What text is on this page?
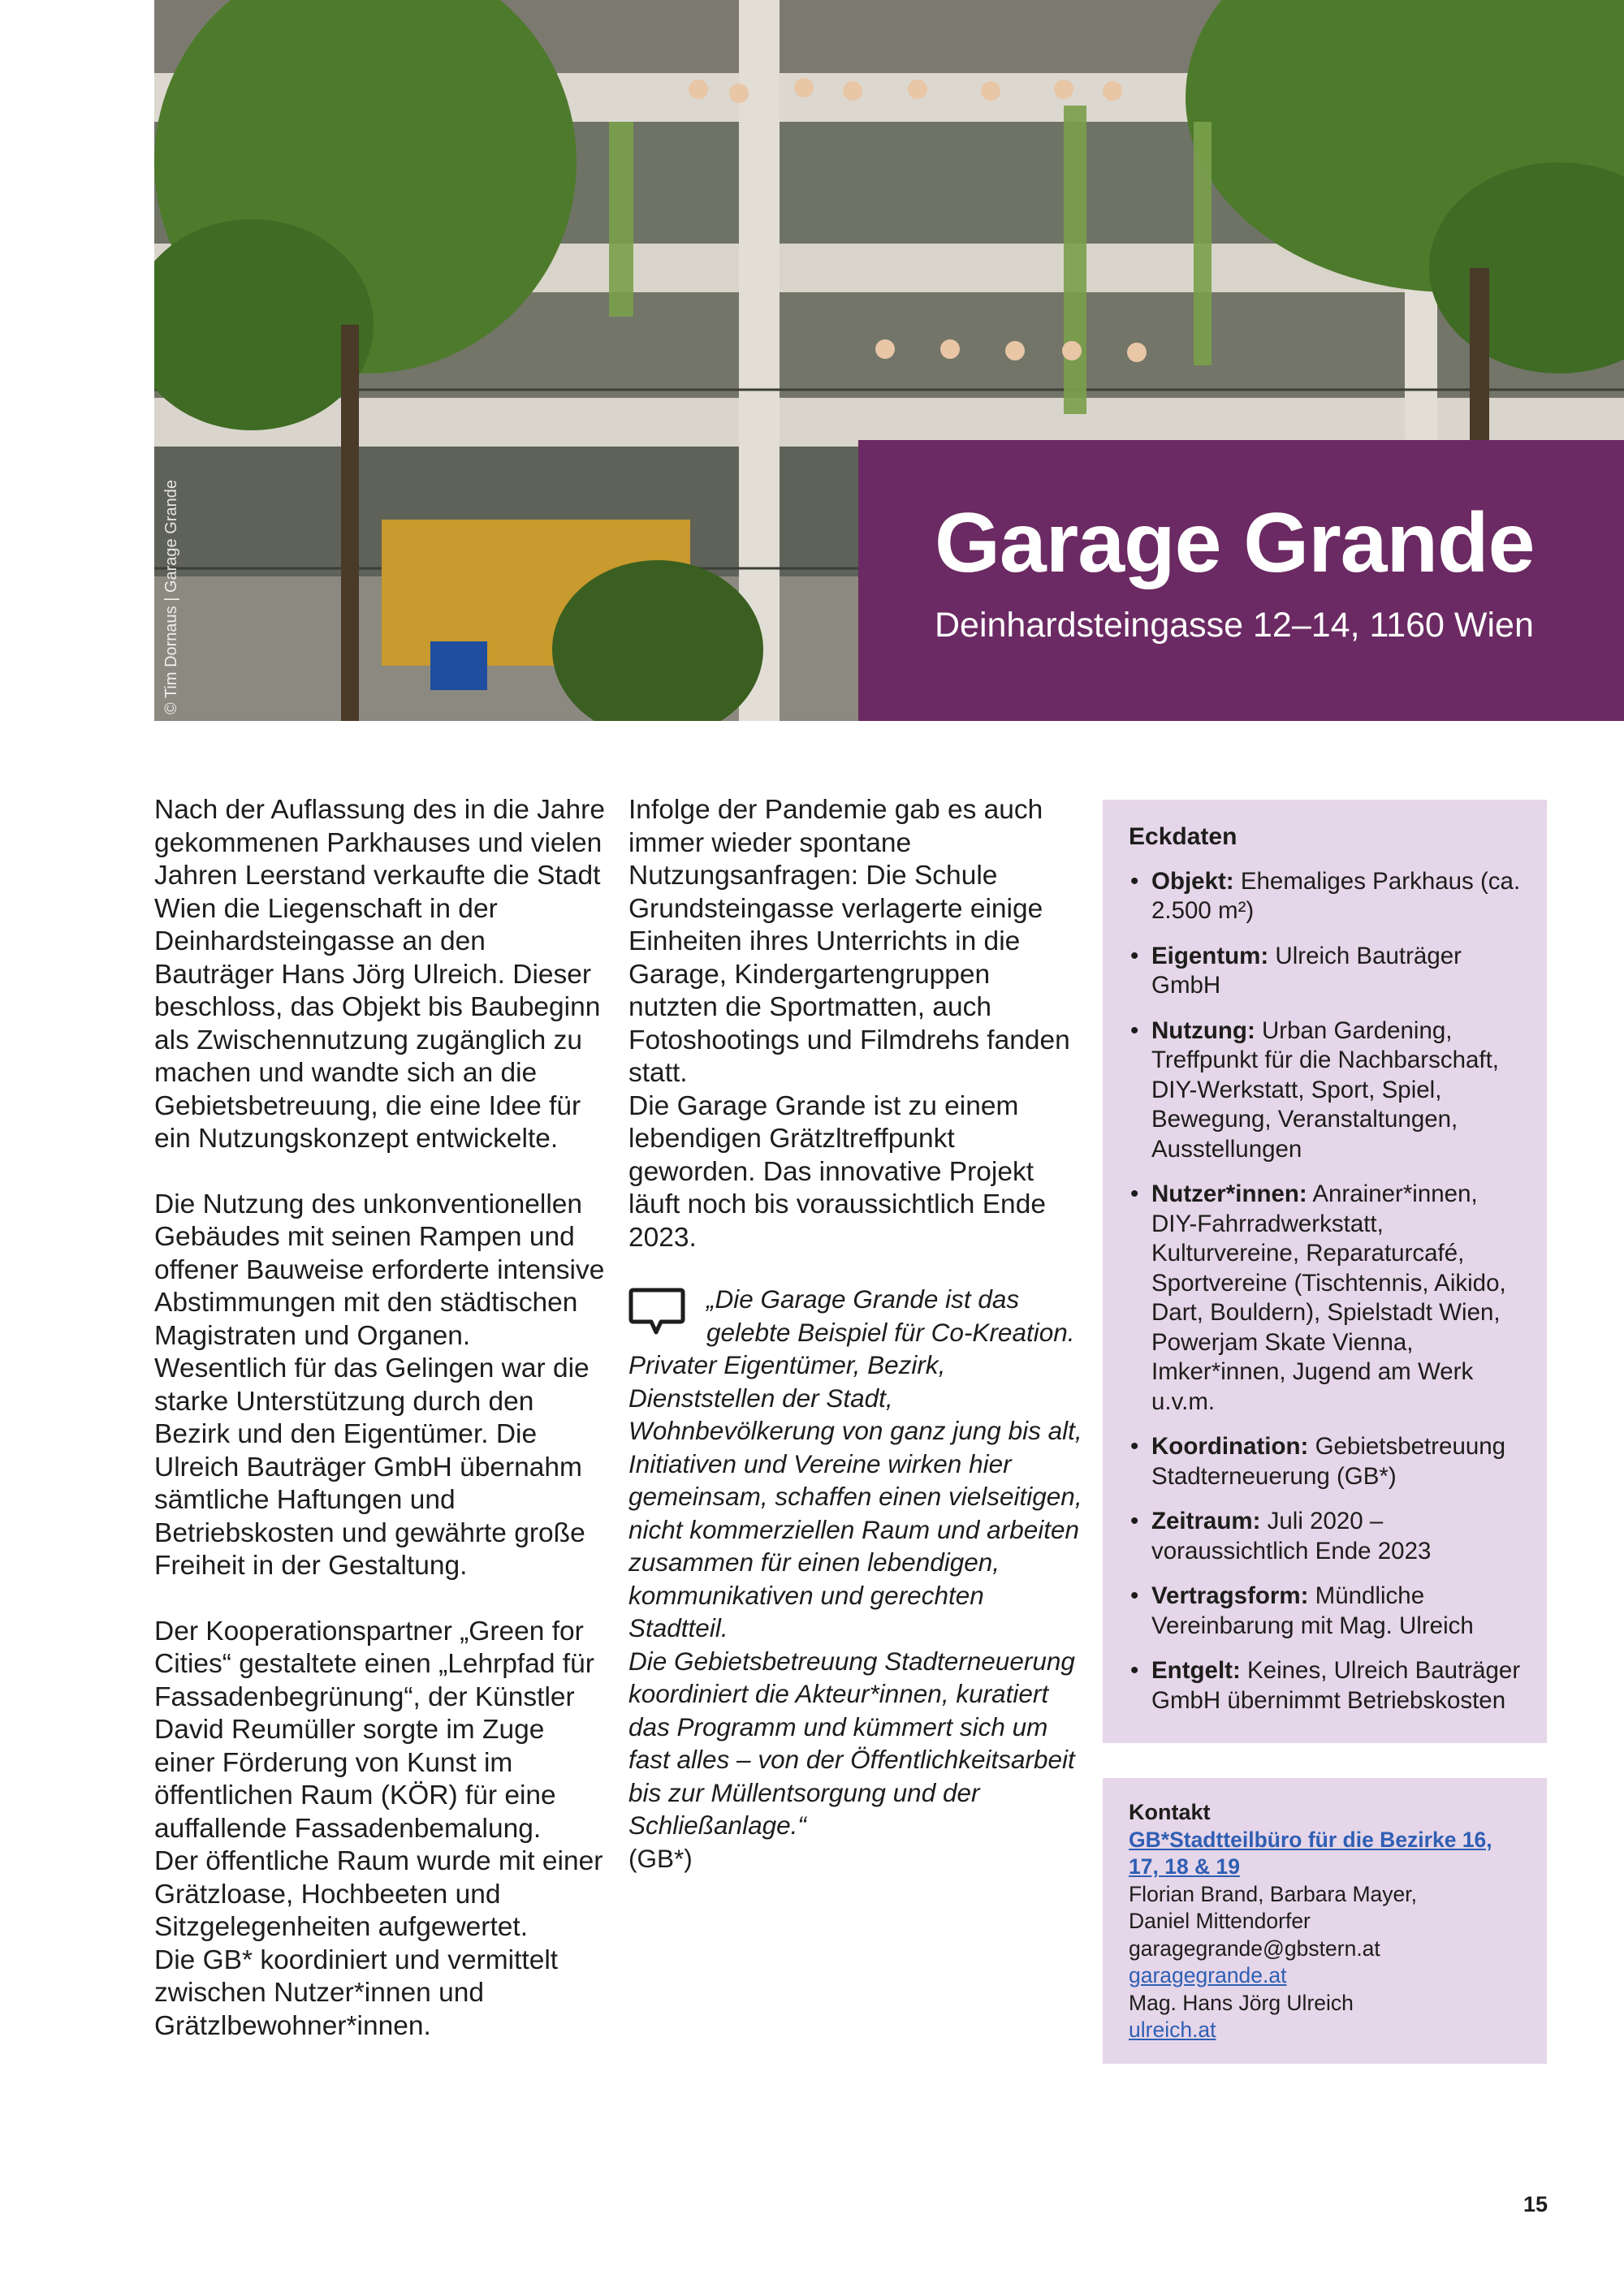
© Tim Dornaus | Garage Grande	Garage Grande
Deinhardsteingasse 12–14, 1160 Wien

Nach der Auflassung des in die Jahre gekommenen Parkhauses und vielen Jahren Leerstand verkaufte die Stadt Wien die Liegenschaft in der Deinhardsteingasse an den Bauträger Hans Jörg Ulreich. Dieser beschloss, das Objekt bis Baubeginn als Zwischennutzung zugänglich zu machen und wandte sich an die Gebietsbetreuung, die eine Idee für ein Nutzungskonzept entwickelte.

Die Nutzung des unkonventionellen Gebäudes mit seinen Rampen und offener Bauweise erforderte intensive Abstimmungen mit den städtischen Magistraten und Organen. Wesentlich für das Gelingen war die starke Unterstützung durch den Bezirk und den Eigentümer. Die Ulreich Bauträger GmbH übernahm sämtliche Haftungen und Betriebskosten und gewährte große Freiheit in der Gestaltung.

Der Kooperationspartner „Green for Cities“ gestaltete einen „Lehrpfad für Fassadenbegrünung“, der Künstler David Reumüller sorgte im Zuge einer Förderung von Kunst im öffentlichen Raum (KÖR) für eine auffallende Fassadenbemalung.

Der öffentliche Raum wurde mit einer Grätzloase, Hochbeeten und Sitzgelegenheiten aufgewertet.

Die GB* koordiniert und vermittelt zwischen Nutzer*innen und Grätzlbewohner*innen.

Infolge der Pandemie gab es auch immer wieder spontane Nutzungsanfragen: Die Schule Grundsteingasse verlagerte einige Einheiten ihres Unterrichts in die Garage, Kindergartengruppen nutzten die Sportmatten, auch Fotoshootings und Filmdrehs fanden statt.

Die Garage Grande ist zu einem lebendigen Grätzltreffpunkt geworden. Das innovative Projekt läuft noch bis voraussichtlich Ende 2023.

„Die Garage Grande ist das gelebte Beispiel für Co-Kreation.
Privater Eigentümer, Bezirk, Dienststellen der Stadt, Wohnbevölkerung von ganz jung bis alt, Initiativen und Vereine wirken hier gemeinsam, schaffen einen vielseitigen, nicht kommerziellen Raum und arbeiten zusammen für einen lebendigen, kommunikativen und gerechten Stadtteil.
Die Gebietsbetreuung Stadterneuerung koordiniert die Akteur*innen, kuratiert das Programm und kümmert sich um fast alles – von der Öffentlichkeitsarbeit bis zur Müllentsorgung und der Schließanlage.“
(GB*)
Eckdaten
• Objekt: Ehemaliges Parkhaus (ca. 2.500 m²)
• Eigentum: Ulreich Bauträger GmbH
• Nutzung: Urban Gardening, Treffpunkt für die Nachbarschaft, DIY-Werkstatt, Sport, Spiel, Bewegung, Veranstaltungen, Ausstellungen
• Nutzer*innen: Anrainer*innen, DIY-Fahrradwerkstatt, Kulturvereine, Reparaturcafé, Sportvereine (Tischtennis, Aikido, Dart, Bouldern), Spielstadt Wien, Powerjam Skate Vienna, Imker*innen, Jugend am Werk u.v.m.
• Koordination: Gebietsbetreuung Stadterneuerung (GB*)
• Zeitraum: Juli 2020 – voraussichtlich Ende 2023
• Vertragsform: Mündliche Vereinbarung mit Mag. Ulreich
• Entgelt: Keines, Ulreich Bauträger GmbH übernimmt Betriebskosten
Kontakt
GB*Stadtteilbüro für die Bezirke 16, 17, 18 & 19
Florian Brand, Barbara Mayer,
Daniel Mittendorfer
garagegrande@gbstern.at
garagegrande.at
Mag. Hans Jörg Ulreich
ulreich.at
15
